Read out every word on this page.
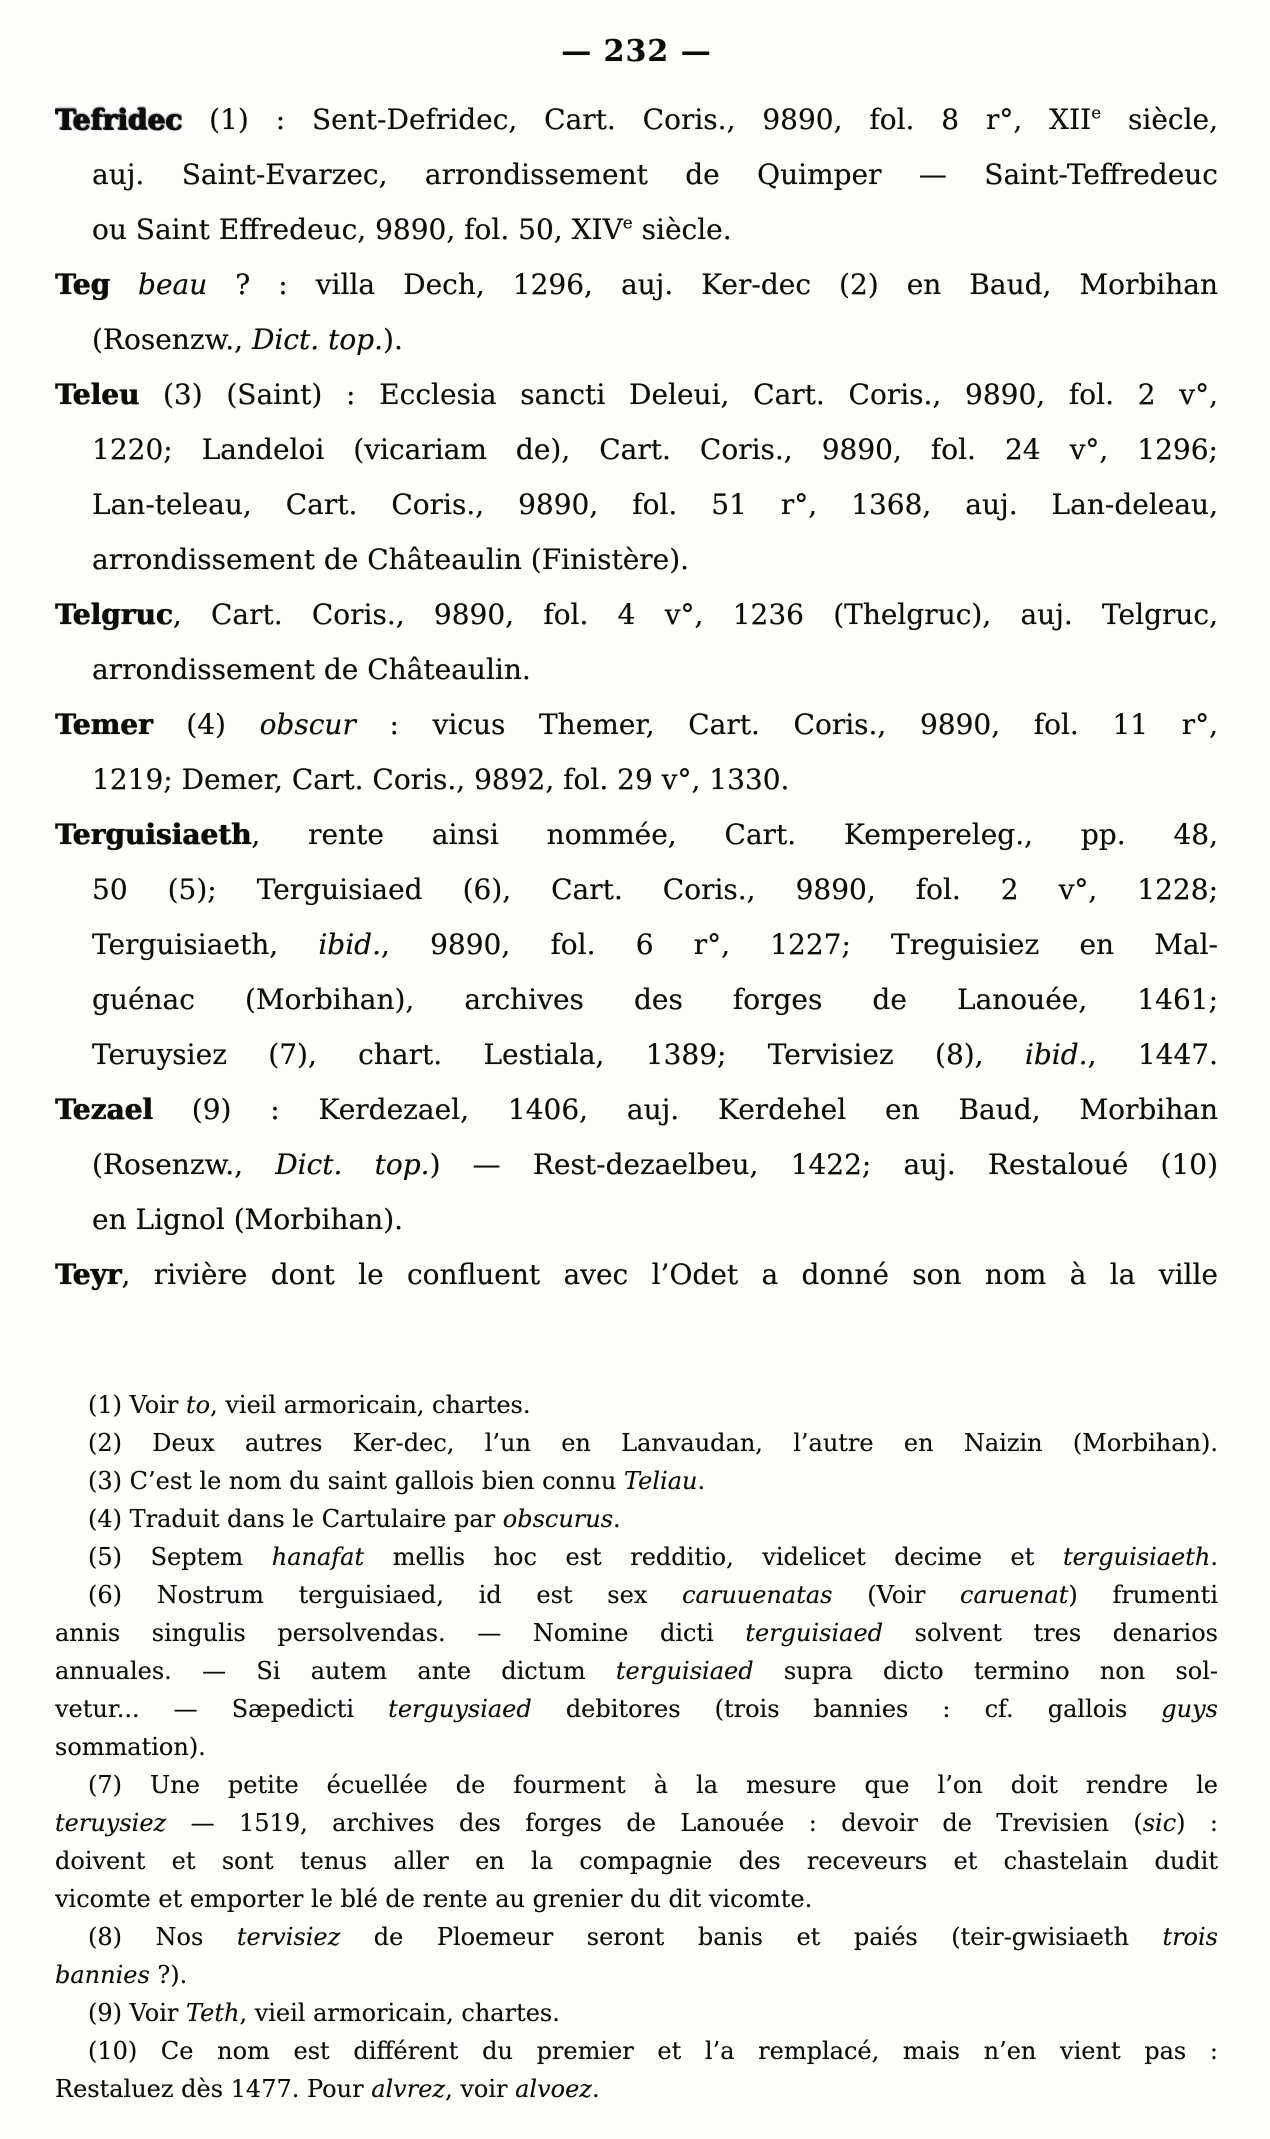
— 232 —
Tefridec (1) : Sent-Defridec, Cart. Coris., 9890, fol. 8 r°, XIIe siècle,
auj. Saint-Evarzec, arrondissement de Quimper — Saint-Teffredeuc
ou Saint Effredeuc, 9890, fol. 50, XIVe siècle.
Teg beau ? : villa Dech, 1296, auj. Ker-dec (2) en Baud, Morbihan
(Rosenzw., Dict. top.).
Teleu (3) (Saint) : Ecclesia sancti Deleui, Cart. Coris., 9890, fol. 2 v°,
1220; Landeloi (vicariam de), Cart. Coris., 9890, fol. 24 v°, 1296;
Lan-teleau, Cart. Coris., 9890, fol. 51 r°, 1368, auj. Lan-deleau,
arrondissement de Châteaulin (Finistère).
Telgruc, Cart. Coris., 9890, fol. 4 v°, 1236 (Thelgruc), auj. Telgruc,
arrondissement de Châteaulin.
Temer (4) obscur : vicus Themer, Cart. Coris., 9890, fol. 11 r°,
1219; Demer, Cart. Coris., 9892, fol. 29 v°, 1330.
Terguisiaeth, rente ainsi nommée, Cart. Kempereleg., pp. 48,
50 (5); Terguisiaed (6), Cart. Coris., 9890, fol. 2 v°, 1228;
Terguisiaeth, ibid., 9890, fol. 6 r°, 1227; Treguisiez en Mal-
guénac (Morbihan), archives des forges de Lanouée, 1461;
Teruysiez (7), chart. Lestiala, 1389; Tervisiez (8), ibid., 1447.
Tezael (9) : Kerdezael, 1406, auj. Kerdehel en Baud, Morbihan
(Rosenzw., Dict. top.) — Rest-dezaelbeu, 1422; auj. Restaloué (10)
en Lignol (Morbihan).
Teyr, rivière dont le confluent avec l’Odet a donné son nom à la ville
(1) Voir to, vieil armoricain, chartes.
(2) Deux autres Ker-dec, l’un en Lanvaudan, l’autre en Naizin (Morbihan).
(3) C’est le nom du saint gallois bien connu Teliau.
(4) Traduit dans le Cartulaire par obscurus.
(5) Septem hanafat mellis hoc est redditio, videlicet decime et terguisiaeth.
(6) Nostrum terguisiaed, id est sex caruuenatas (Voir caruenat) frumenti
annis singulis persolvendas. — Nomine dicti terguisiaed solvent tres denarios
annuales. — Si autem ante dictum terguisiaed supra dicto termino non sol-
vetur... — Sæpedicti terguysiaed debitores (trois bannies : cf. gallois guys
sommation).
(7) Une petite écuellée de fourment à la mesure que l’on doit rendre le
teruysiez — 1519, archives des forges de Lanouée : devoir de Trevisien (sic) :
doivent et sont tenus aller en la compagnie des receveurs et chastelain dudit
vicomte et emporter le blé de rente au grenier du dit vicomte.
(8) Nos tervisiez de Ploemeur seront banis et paiés (teir-gwisiaeth trois
bannies ?).
(9) Voir Teth, vieil armoricain, chartes.
(10) Ce nom est différent du premier et l’a remplacé, mais n’en vient pas :
Restaluez dès 1477. Pour alvrez, voir alvoez.
